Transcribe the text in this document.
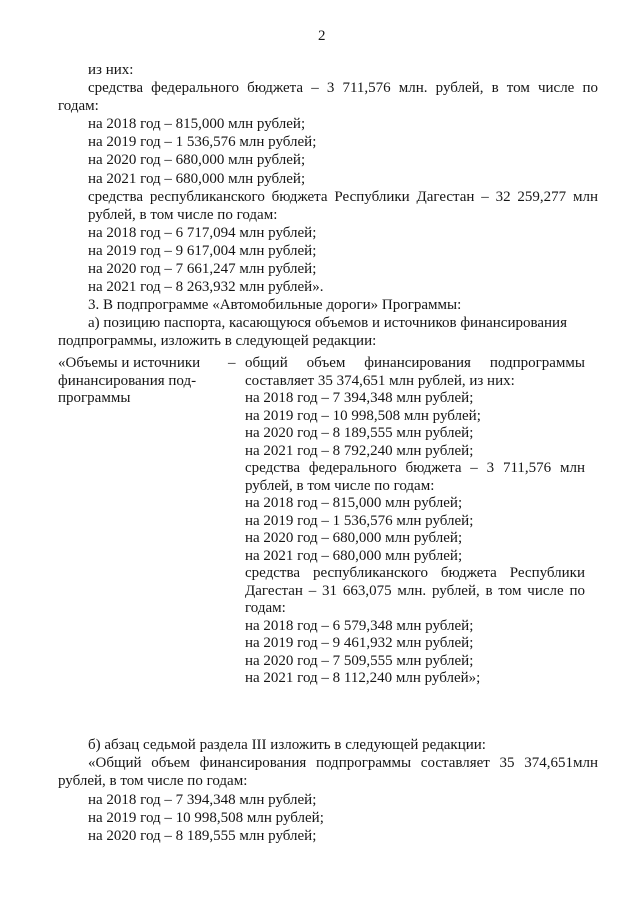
2
из них:
средства федерального бюджета – 3 711,576 млн. рублей, в том числе по
годам:
на 2018 год – 815,000 млн рублей;
на 2019 год – 1 536,576 млн рублей;
на 2020 год – 680,000 млн рублей;
на 2021 год – 680,000 млн рублей;
средства республиканского бюджета Республики Дагестан – 32 259,277 млн
рублей, в том числе по годам:
на 2018 год – 6 717,094 млн рублей;
на 2019 год – 9 617,004 млн рублей;
на 2020 год – 7 661,247 млн рублей;
на 2021 год – 8 263,932 млн рублей».
3. В подпрограмме «Автомобильные дороги» Программы:
а) позицию паспорта, касающуюся объемов и источников финансирования
подпрограммы, изложить в следующей редакции:
«Объемы и источники
финансирования под-
программы
– общий объем финансирования подпрограммы
составляет 35 374,651 млн рублей, из них:
на 2018 год – 7 394,348 млн рублей;
на 2019 год – 10 998,508 млн рублей;
на 2020 год – 8 189,555 млн рублей;
на 2021 год – 8 792,240 млн рублей;
средства федерального бюджета – 3 711,576 млн
рублей, в том числе по годам:
на 2018 год – 815,000 млн рублей;
на 2019 год – 1 536,576 млн рублей;
на 2020 год – 680,000 млн рублей;
на 2021 год – 680,000 млн рублей;
средства республиканского бюджета Республики
Дагестан – 31 663,075 млн. рублей, в том числе по
годам:
на 2018 год – 6 579,348 млн рублей;
на 2019 год – 9 461,932 млн рублей;
на 2020 год – 7 509,555 млн рублей;
на 2021 год – 8 112,240 млн рублей»;
б) абзац седьмой раздела III изложить в следующей редакции:
«Общий объем финансирования подпрограммы составляет 35 374,651млн
рублей, в том числе по годам:
на 2018 год – 7 394,348 млн рублей;
на 2019 год – 10 998,508 млн рублей;
на 2020 год – 8 189,555 млн рублей;
